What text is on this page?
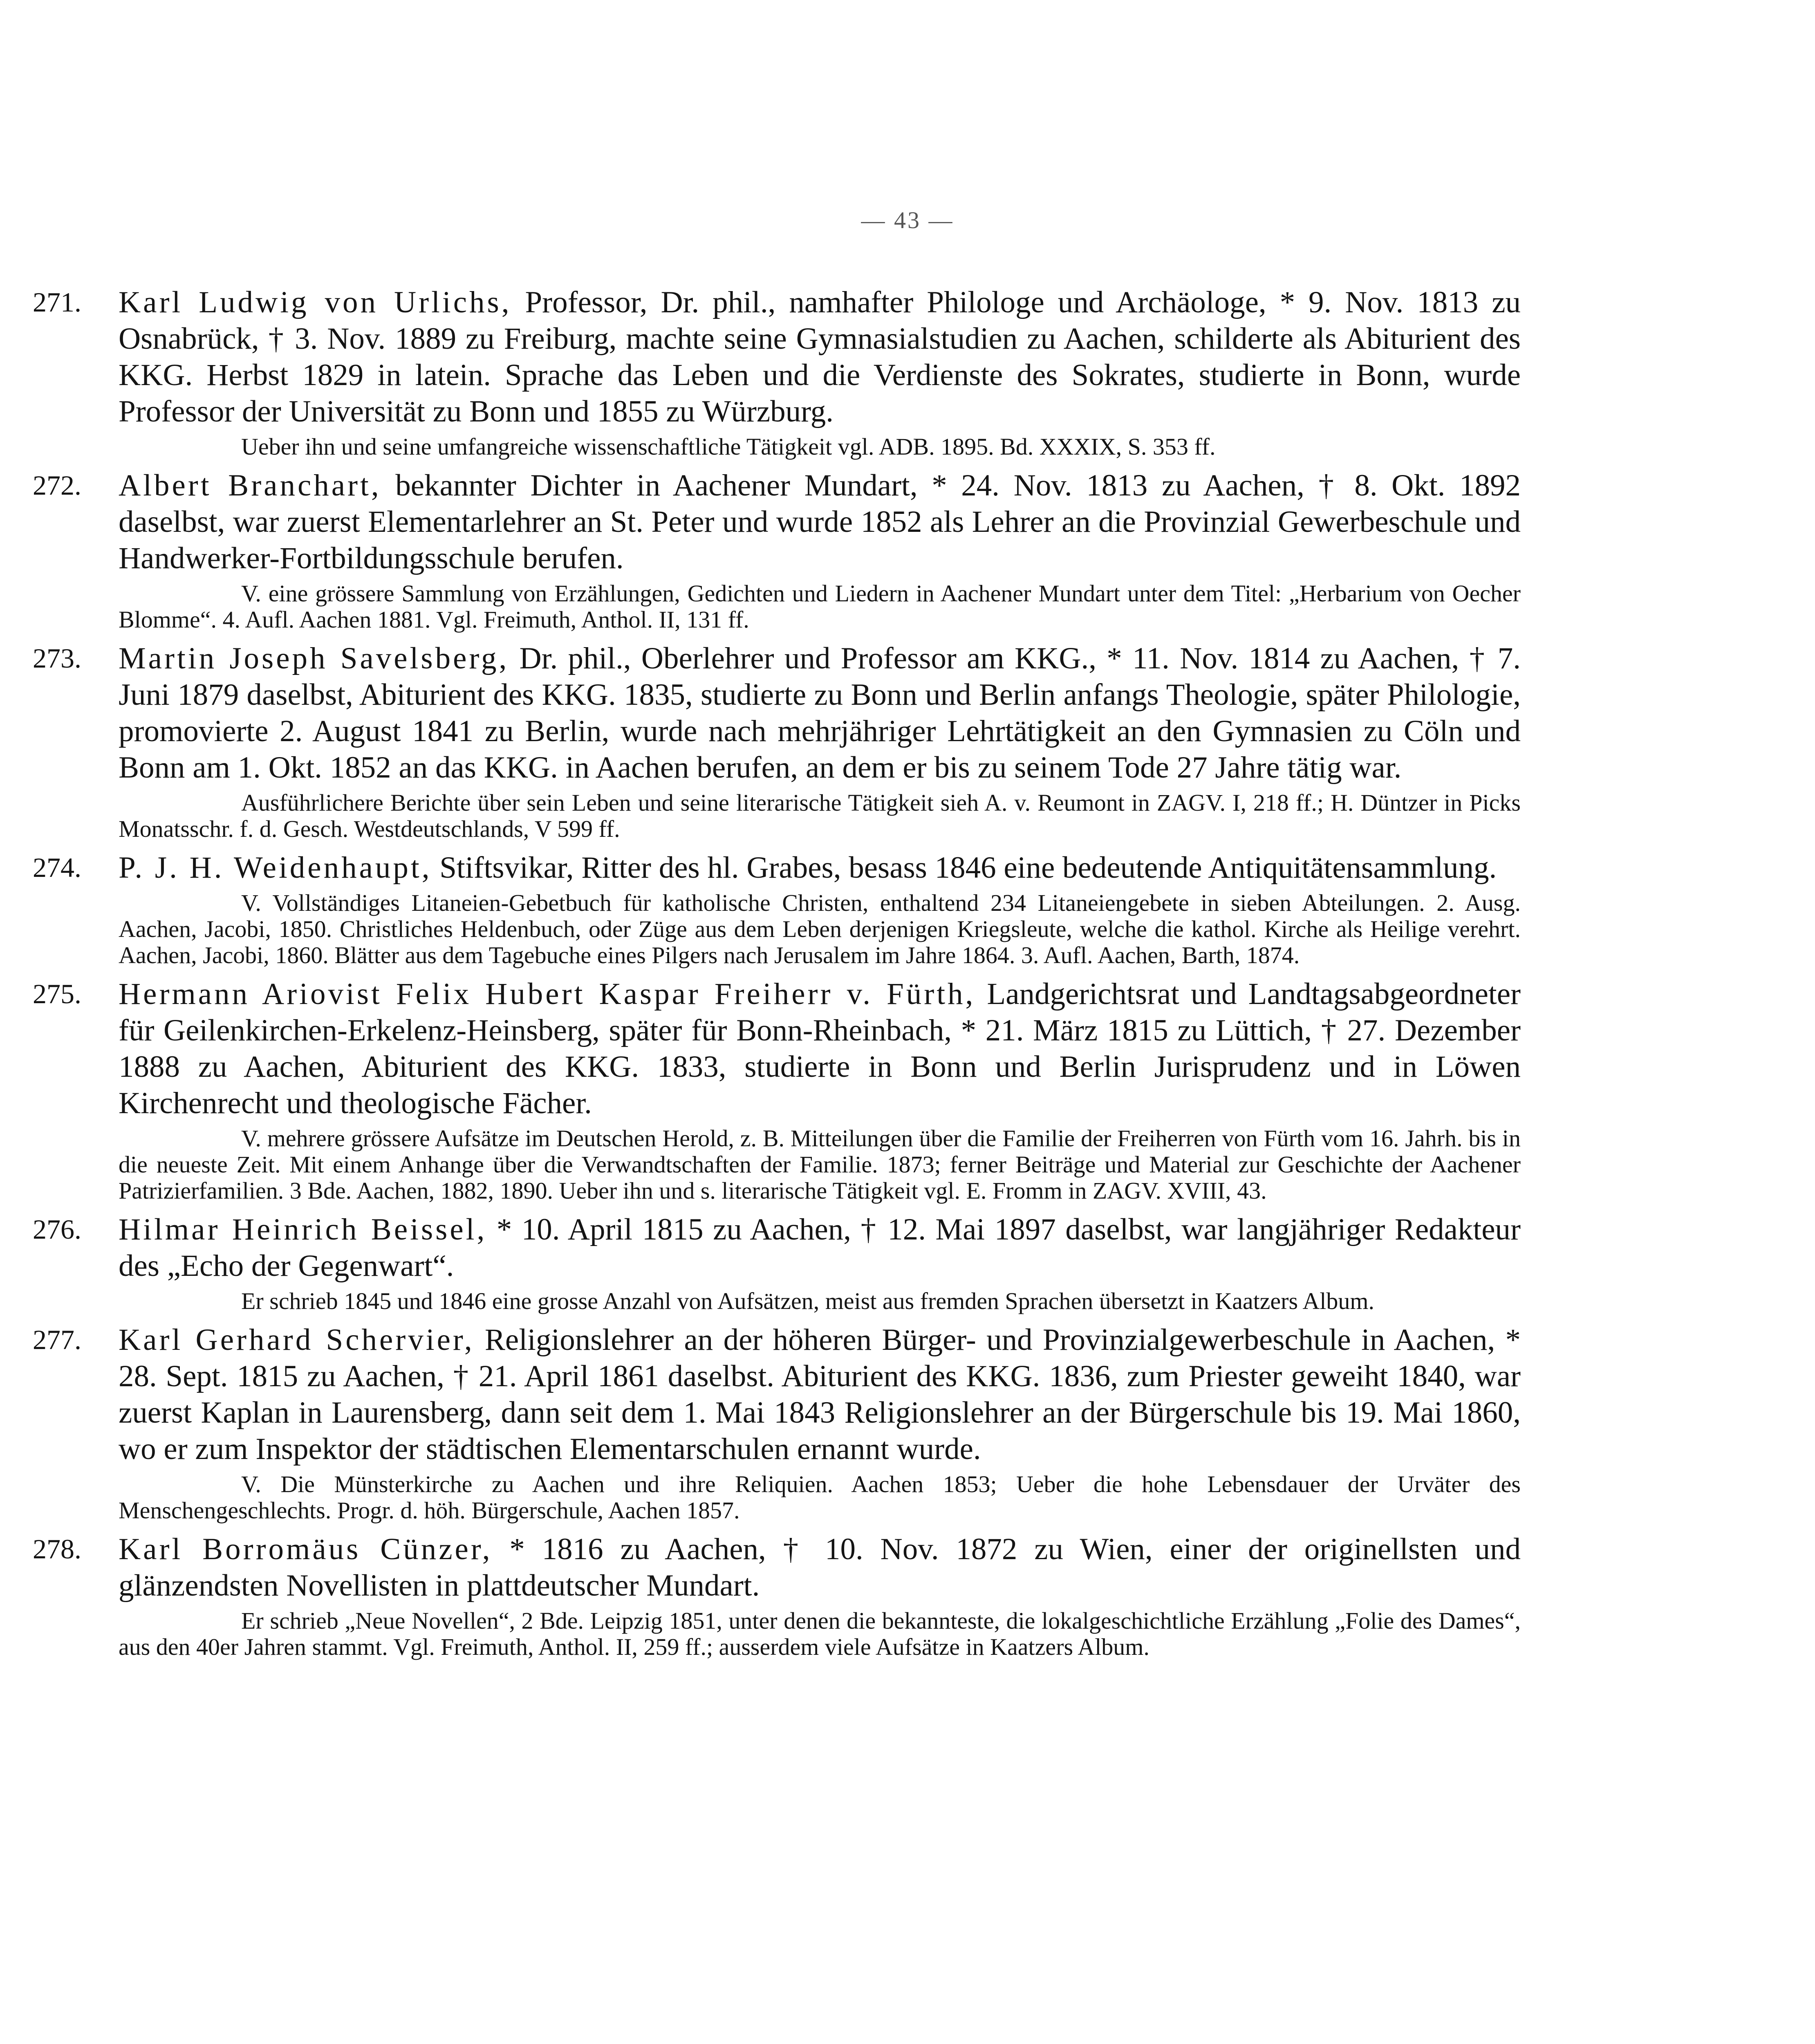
— 43 —
271.	Karl Ludwig von Urlichs, Professor, Dr. phil., namhafter Philologe und Archäologe, * 9. Nov. 1813 zu Osnabrück, † 3. Nov. 1889 zu Freiburg, machte seine Gymnasialstudien zu Aachen, schilderte als Abiturient des KKG. Herbst 1829 in latein. Sprache das Leben und die Verdienste des Sokrates, studierte in Bonn, wurde Professor der Universität zu Bonn und 1855 zu Würzburg.
Ueber ihn und seine umfangreiche wissenschaftliche Tätigkeit vgl. ADB. 1895. Bd. XXXIX, S. 353 ff.
272.	Albert Branchart, bekannter Dichter in Aachener Mundart, * 24. Nov. 1813 zu Aachen, † 8. Okt. 1892 daselbst, war zuerst Elementarlehrer an St. Peter und wurde 1852 als Lehrer an die Provinzial Gewerbeschule und Handwerker-Fortbildungsschule berufen.
V. eine grössere Sammlung von Erzählungen, Gedichten und Liedern in Aachener Mundart unter dem Titel: „Herbarium von Oecher Blomme“. 4. Aufl. Aachen 1881. Vgl. Freimuth, Anthol. II, 131 ff.
273.	Martin Joseph Savelsberg, Dr. phil., Oberlehrer und Professor am KKG., * 11. Nov. 1814 zu Aachen, † 7. Juni 1879 daselbst, Abiturient des KKG. 1835, studierte zu Bonn und Berlin anfangs Theologie, später Philologie, promovierte 2. August 1841 zu Berlin, wurde nach mehrjähriger Lehrtätigkeit an den Gymnasien zu Cöln und Bonn am 1. Okt. 1852 an das KKG. in Aachen berufen, an dem er bis zu seinem Tode 27 Jahre tätig war.
Ausführlichere Berichte über sein Leben und seine literarische Tätigkeit sieh A. v. Reumont in ZAGV. I, 218 ff.; H. Düntzer in Picks Monatsschr. f. d. Gesch. Westdeutschlands, V 599 ff.
274.	P. J. H. Weidenhaupt, Stiftsvikar, Ritter des hl. Grabes, besass 1846 eine bedeutende Antiquitätensammlung.
V. Vollständiges Litaneien-Gebetbuch für katholische Christen, enthaltend 234 Litaneiengebete in sieben Abteilungen. 2. Ausg. Aachen, Jacobi, 1850. Christliches Heldenbuch, oder Züge aus dem Leben derjenigen Kriegsleute, welche die kathol. Kirche als Heilige verehrt. Aachen, Jacobi, 1860. Blätter aus dem Tagebuche eines Pilgers nach Jerusalem im Jahre 1864. 3. Aufl. Aachen, Barth, 1874.
275.	Hermann Ariovist Felix Hubert Kaspar Freiherr v. Fürth, Landgerichtsrat und Landtagsabgeordneter für Geilenkirchen-Erkelenz-Heinsberg, später für Bonn-Rheinbach, * 21. März 1815 zu Lüttich, † 27. Dezember 1888 zu Aachen, Abiturient des KKG. 1833, studierte in Bonn und Berlin Jurisprudenz und in Löwen Kirchenrecht und theologische Fächer.
V. mehrere grössere Aufsätze im Deutschen Herold, z. B. Mitteilungen über die Familie der Freiherren von Fürth vom 16. Jahrh. bis in die neueste Zeit. Mit einem Anhange über die Verwandtschaften der Familie. 1873; ferner Beiträge und Material zur Geschichte der Aachener Patrizierfamilien. 3 Bde. Aachen, 1882, 1890. Ueber ihn und s. literarische Tätigkeit vgl. E. Fromm in ZAGV. XVIII, 43.
276.	Hilmar Heinrich Beissel, * 10. April 1815 zu Aachen, † 12. Mai 1897 daselbst, war langjähriger Redakteur des „Echo der Gegenwart“.
Er schrieb 1845 und 1846 eine grosse Anzahl von Aufsätzen, meist aus fremden Sprachen übersetzt in Kaatzers Album.
277.	Karl Gerhard Schervier, Religionslehrer an der höheren Bürger- und Provinzialgewerbeschule in Aachen, * 28. Sept. 1815 zu Aachen, † 21. April 1861 daselbst. Abiturient des KKG. 1836, zum Priester geweiht 1840, war zuerst Kaplan in Laurensberg, dann seit dem 1. Mai 1843 Religionslehrer an der Bürgerschule bis 19. Mai 1860, wo er zum Inspektor der städtischen Elementarschulen ernannt wurde.
V. Die Münsterkirche zu Aachen und ihre Reliquien. Aachen 1853; Ueber die hohe Lebensdauer der Urväter des Menschengeschlechts. Progr. d. höh. Bürgerschule, Aachen 1857.
278.	Karl Borromäus Cünzer, * 1816 zu Aachen, † 10. Nov. 1872 zu Wien, einer der originellsten und glänzendsten Novellisten in plattdeutscher Mundart.
Er schrieb „Neue Novellen“, 2 Bde. Leipzig 1851, unter denen die bekannteste, die lokalgeschichtliche Erzählung „Folie des Dames“, aus den 40er Jahren stammt. Vgl. Freimuth, Anthol. II, 259 ff.; ausserdem viele Aufsätze in Kaatzers Album.
